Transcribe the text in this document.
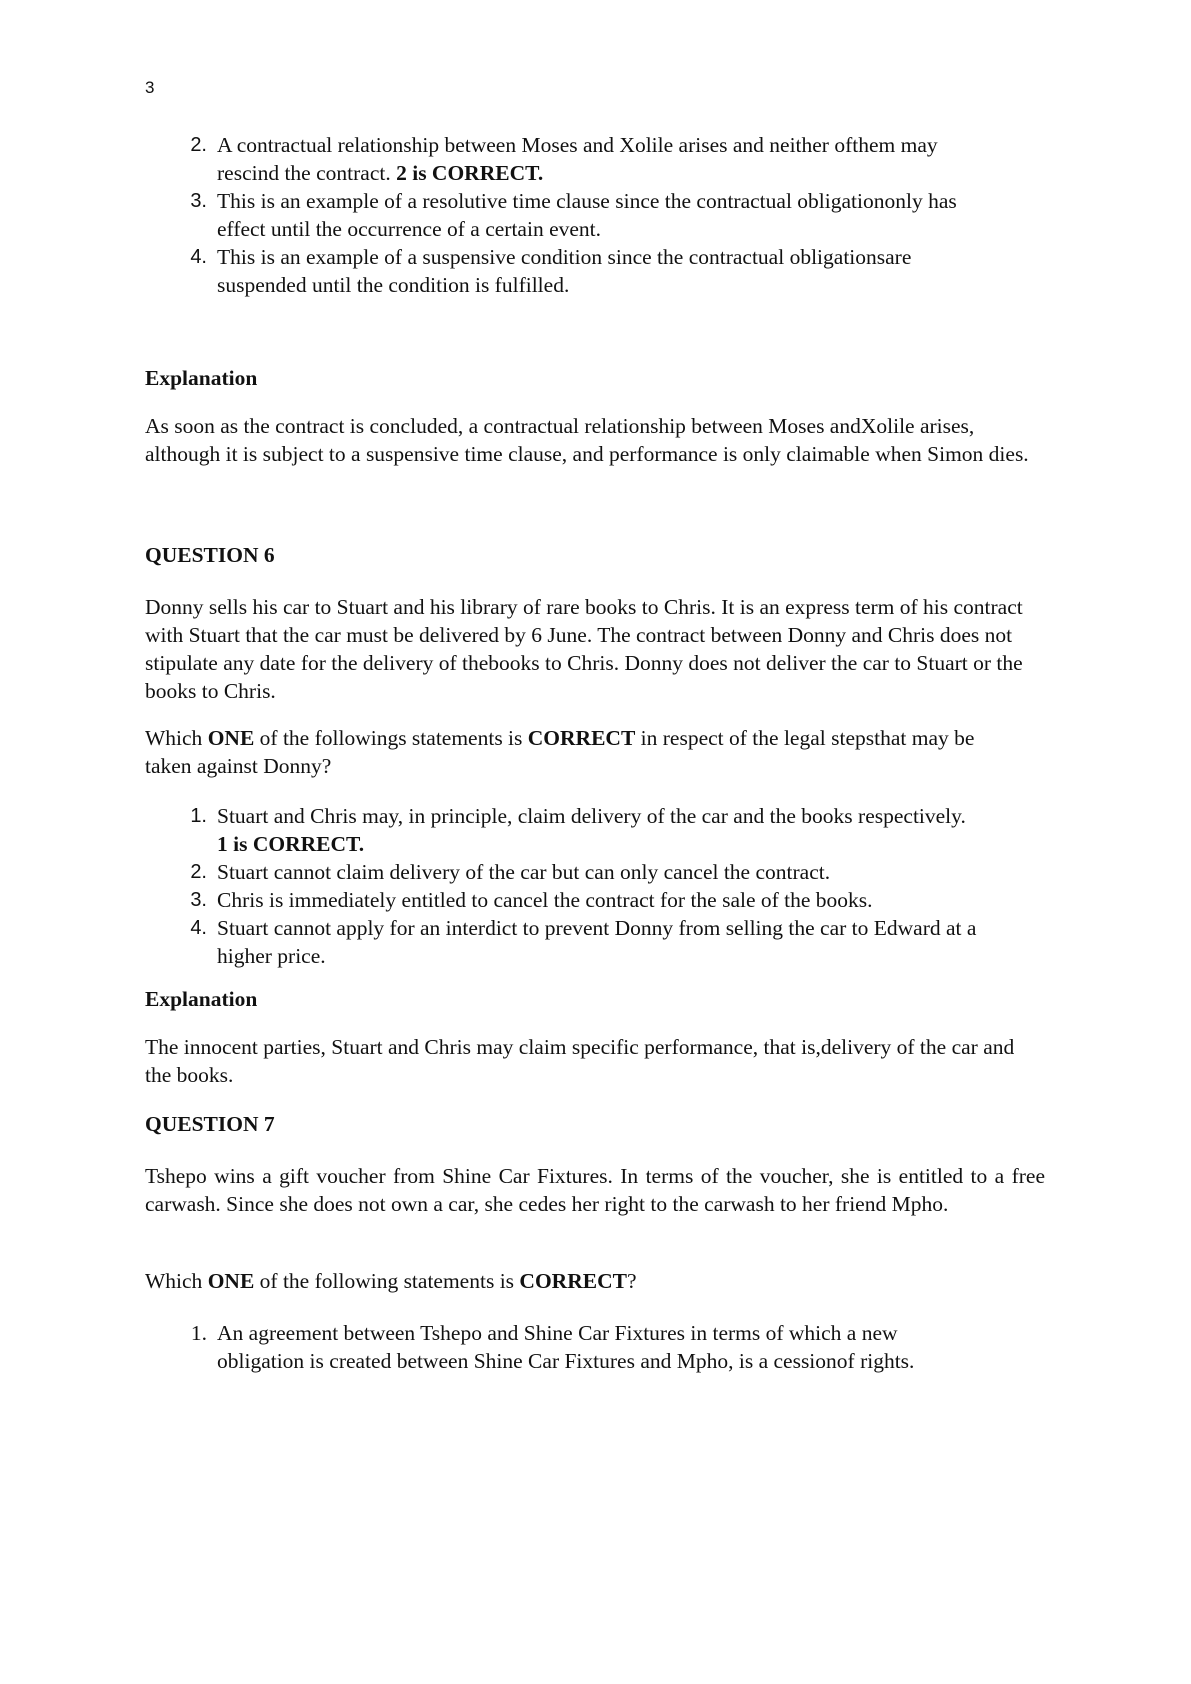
3
2. A contractual relationship between Moses and Xolile arises and neither ofthem may rescind the contract. 2 is CORRECT.
3. This is an example of a resolutive time clause since the contractual obligationonly has effect until the occurrence of a certain event.
4. This is an example of a suspensive condition since the contractual obligationsare suspended until the condition is fulfilled.
Explanation

As soon as the contract is concluded, a contractual relationship between Moses andXolile arises, although it is subject to a suspensive time clause, and performance is only claimable when Simon dies.

QUESTION 6

Donny sells his car to Stuart and his library of rare books to Chris. It is an express term of his contract with Stuart that the car must be delivered by 6 June. The contract between Donny and Chris does not stipulate any date for the delivery of thebooks to Chris. Donny does not deliver the car to Stuart or the books to Chris.

Which ONE of the followings statements is CORRECT in respect of the legal stepsthat may be taken against Donny?

1. Stuart and Chris may, in principle, claim delivery of the car and the books respectively. 1 is CORRECT.
2. Stuart cannot claim delivery of the car but can only cancel the contract.
3. Chris is immediately entitled to cancel the contract for the sale of the books.
4. Stuart cannot apply for an interdict to prevent Donny from selling the car to Edward at a higher price.
Explanation

The innocent parties, Stuart and Chris may claim specific performance, that is,delivery of the car and the books.

QUESTION 7

Tshepo wins a gift voucher from Shine Car Fixtures. In terms of the voucher, she is entitled to a free carwash. Since she does not own a car, she cedes her right to the carwash to her friend Mpho.

Which ONE of the following statements is CORRECT?

1. An agreement between Tshepo and Shine Car Fixtures in terms of which a new obligation is created between Shine Car Fixtures and Mpho, is a cessionof rights.
